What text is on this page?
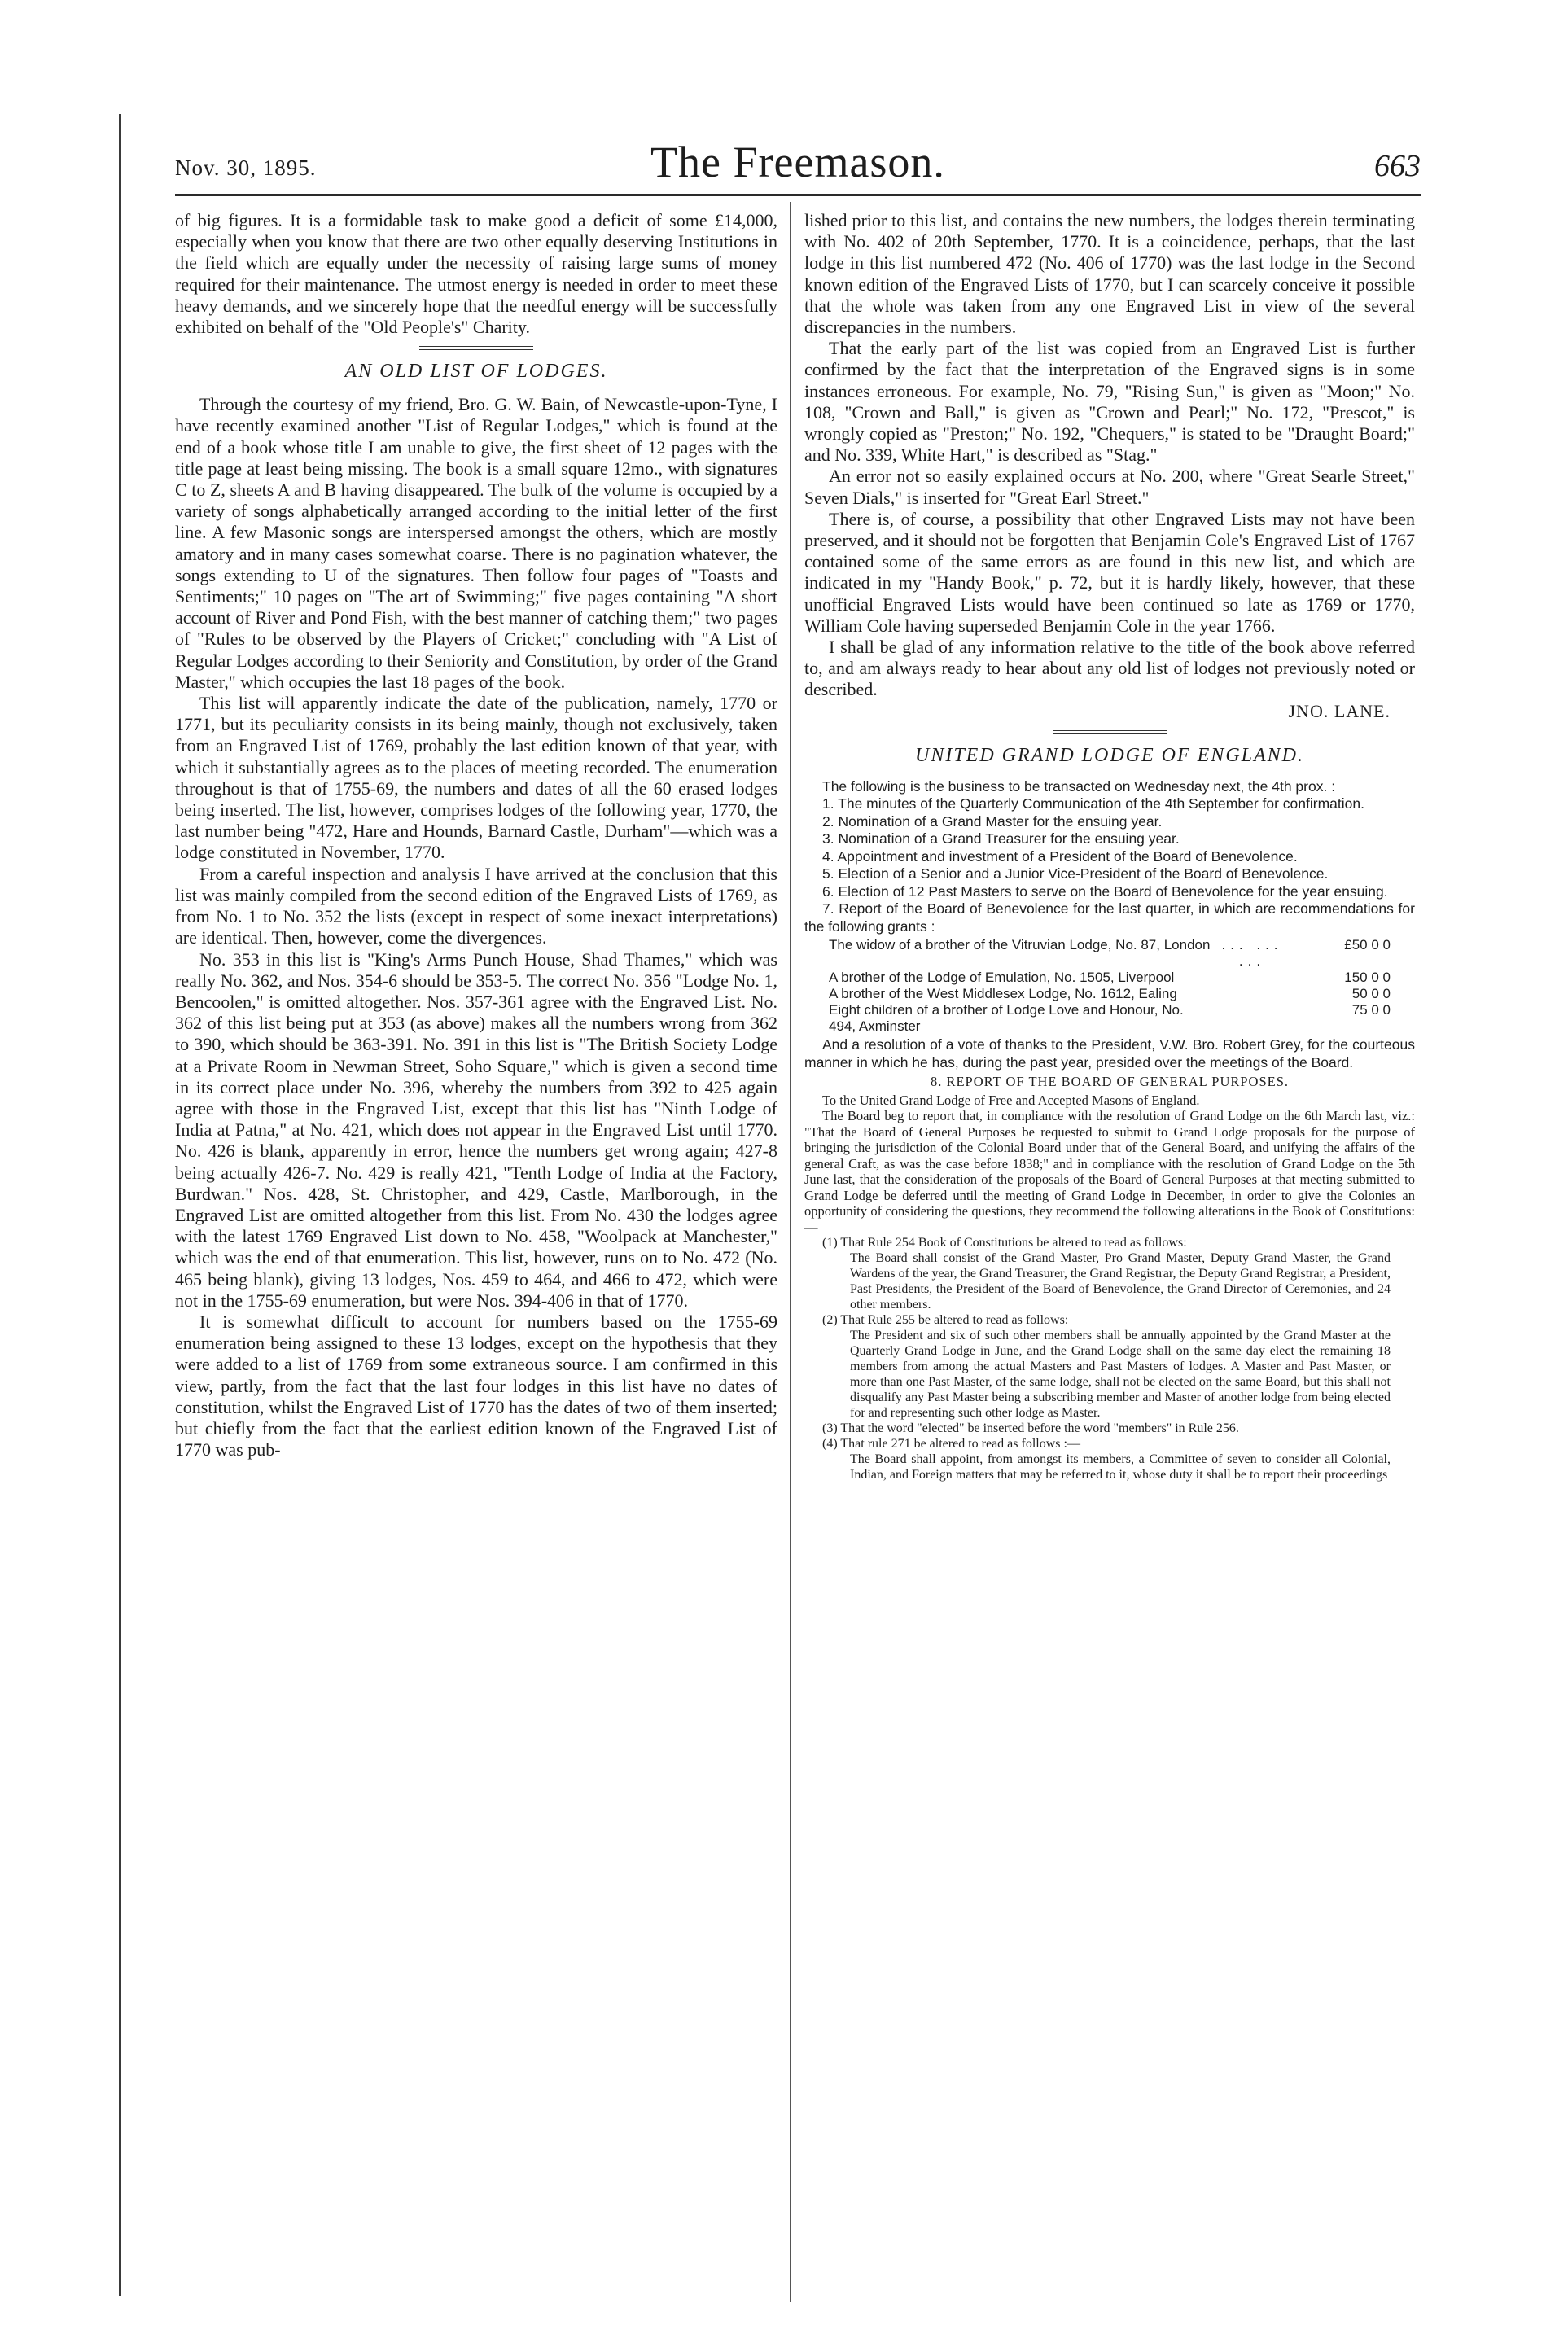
Nov. 30, 1895.	The Freemason.	663

of big figures. It is a formidable task to make good a deficit of some £14,000, especially when you know that there are two other equally deserving Institutions in the field which are equally under the necessity of raising large sums of money required for their maintenance. The utmost energy is needed in order to meet these heavy demands, and we sincerely hope that the needful energy will be successfully exhibited on behalf of the "Old People's" Charity.

AN OLD LIST OF LODGES.

Through the courtesy of my friend, Bro. G. W. Bain, of Newcastle-upon-Tyne, I have recently examined another "List of Regular Lodges," which is found at the end of a book whose title I am unable to give, the first sheet of 12 pages with the title page at least being missing. The book is a small square 12mo., with signatures C to Z, sheets A and B having disappeared. The bulk of the volume is occupied by a variety of songs alphabetically arranged according to the initial letter of the first line. A few Masonic songs are interspersed amongst the others, which are mostly amatory and in many cases somewhat coarse. There is no pagination whatever, the songs extending to U of the signatures. Then follow four pages of "Toasts and Sentiments;" 10 pages on "The art of Swimming;" five pages containing "A short account of River and Pond Fish, with the best manner of catching them;" two pages of "Rules to be observed by the Players of Cricket;" concluding with "A List of Regular Lodges according to their Seniority and Constitution, by order of the Grand Master," which occupies the last 18 pages of the book.

This list will apparently indicate the date of the publication, namely, 1770 or 1771, but its peculiarity consists in its being mainly, though not exclusively, taken from an Engraved List of 1769, probably the last edition known of that year, with which it substantially agrees as to the places of meeting recorded. The enumeration throughout is that of 1755-69, the numbers and dates of all the 60 erased lodges being inserted. The list, however, comprises lodges of the following year, 1770, the last number being "472, Hare and Hounds, Barnard Castle, Durham"—which was a lodge constituted in November, 1770.

From a careful inspection and analysis I have arrived at the conclusion that this list was mainly compiled from the second edition of the Engraved Lists of 1769, as from No. 1 to No. 352 the lists (except in respect of some inexact interpretations) are identical. Then, however, come the divergences.

No. 353 in this list is "King's Arms Punch House, Shad Thames," which was really No. 362, and Nos. 354-6 should be 353-5. The correct No. 356 "Lodge No. 1, Bencoolen," is omitted altogether. Nos. 357-361 agree with the Engraved List. No. 362 of this list being put at 353 (as above) makes all the numbers wrong from 362 to 390, which should be 363-391. No. 391 in this list is "The British Society Lodge at a Private Room in Newman Street, Soho Square," which is given a second time in its correct place under No. 396, whereby the numbers from 392 to 425 again agree with those in the Engraved List, except that this list has "Ninth Lodge of India at Patna," at No. 421, which does not appear in the Engraved List until 1770. No. 426 is blank, apparently in error, hence the numbers get wrong again; 427-8 being actually 426-7. No. 429 is really 421, "Tenth Lodge of India at the Factory, Burdwan." Nos. 428, St. Christopher, and 429, Castle, Marlborough, in the Engraved List are omitted altogether from this list. From No. 430 the lodges agree with the latest 1769 Engraved List down to No. 458, "Woolpack at Manchester," which was the end of that enumeration. This list, however, runs on to No. 472 (No. 465 being blank), giving 13 lodges, Nos. 459 to 464, and 466 to 472, which were not in the 1755-69 enumeration, but were Nos. 394-406 in that of 1770.

It is somewhat difficult to account for numbers based on the 1755-69 enumeration being assigned to these 13 lodges, except on the hypothesis that they were added to a list of 1769 from some extraneous source. I am confirmed in this view, partly, from the fact that the last four lodges in this list have no dates of constitution, whilst the Engraved List of 1770 has the dates of two of them inserted; but chiefly from the fact that the earliest edition known of the Engraved List of 1770 was pub-

lished prior to this list, and contains the new numbers, the lodges therein terminating with No. 402 of 20th September, 1770. It is a coincidence, perhaps, that the last lodge in this list numbered 472 (No. 406 of 1770) was the last lodge in the Second known edition of the Engraved Lists of 1770, but I can scarcely conceive it possible that the whole was taken from any one Engraved List in view of the several discrepancies in the numbers.

That the early part of the list was copied from an Engraved List is further confirmed by the fact that the interpretation of the Engraved signs is in some instances erroneous. For example, No. 79, "Rising Sun," is given as "Moon;" No. 108, "Crown and Ball," is given as "Crown and Pearl;" No. 172, "Prescot," is wrongly copied as "Preston;" No. 192, "Chequers," is stated to be "Draught Board;" and No. 339, White Hart," is described as "Stag."

An error not so easily explained occurs at No. 200, where "Great Searle Street," Seven Dials," is inserted for "Great Earl Street."

There is, of course, a possibility that other Engraved Lists may not have been preserved, and it should not be forgotten that Benjamin Cole's Engraved List of 1767 contained some of the same errors as are found in this new list, and which are indicated in my "Handy Book," p. 72, but it is hardly likely, however, that these unofficial Engraved Lists would have been continued so late as 1769 or 1770, William Cole having superseded Benjamin Cole in the year 1766.

I shall be glad of any information relative to the title of the book above referred to, and am always ready to hear about any old list of lodges not previously noted or described.

JNO. LANE.
UNITED GRAND LODGE OF ENGLAND.

The following is the business to be transacted on Wednesday next, the 4th prox. :

1. The minutes of the Quarterly Communication of the 4th September for confirmation.

2. Nomination of a Grand Master for the ensuing year.

3. Nomination of a Grand Treasurer for the ensuing year.

4. Appointment and investment of a President of the Board of Benevolence.

5. Election of a Senior and a Junior Vice-President of the Board of Benevolence.

6. Election of 12 Past Masters to serve on the Board of Benevolence for the year ensuing.

7. Report of the Board of Benevolence for the last quarter, in which are recommendations for the following grants :

The widow of a brother of the Vitruvian Lodge, No. 87, London	... ... ...	£50 0 0
A brother of the Lodge of Emulation, No. 1505, Liverpool		150 0 0
A brother of the West Middlesex Lodge, No. 1612, Ealing		50 0 0
Eight children of a brother of Lodge Love and Honour, No. 494, Axminster		75 0 0

And a resolution of a vote of thanks to the President, V.W. Bro. Robert Grey, for the courteous manner in which he has, during the past year, presided over the meetings of the Board.

8. REPORT OF THE BOARD OF GENERAL PURPOSES.

To the United Grand Lodge of Free and Accepted Masons of England.

The Board beg to report that, in compliance with the resolution of Grand Lodge on the 6th March last, viz.: "That the Board of General Purposes be requested to submit to Grand Lodge proposals for the purpose of bringing the jurisdiction of the Colonial Board under that of the General Board, and unifying the affairs of the general Craft, as was the case before 1838;" and in compliance with the resolution of Grand Lodge on the 5th June last, that the consideration of the proposals of the Board of General Purposes at that meeting submitted to Grand Lodge be deferred until the meeting of Grand Lodge in December, in order to give the Colonies an opportunity of considering the questions, they recommend the following alterations in the Book of Constitutions:—

(1) That Rule 254 Book of Constitutions be altered to read as follows:

The Board shall consist of the Grand Master, Pro Grand Master, Deputy Grand Master, the Grand Wardens of the year, the Grand Treasurer, the Grand Registrar, the Deputy Grand Registrar, a President, Past Presidents, the President of the Board of Benevolence, the Grand Director of Ceremonies, and 24 other members.

(2) That Rule 255 be altered to read as follows:

The President and six of such other members shall be annually appointed by the Grand Master at the Quarterly Grand Lodge in June, and the Grand Lodge shall on the same day elect the remaining 18 members from among the actual Masters and Past Masters of lodges. A Master and Past Master, or more than one Past Master, of the same lodge, shall not be elected on the same Board, but this shall not disqualify any Past Master being a subscribing member and Master of another lodge from being elected for and representing such other lodge as Master.

(3) That the word "elected" be inserted before the word "members" in Rule 256.

(4) That rule 271 be altered to read as follows :—

The Board shall appoint, from amongst its members, a Committee of seven to consider all Colonial, Indian, and Foreign matters that may be referred to it, whose duty it shall be to report their proceedings
